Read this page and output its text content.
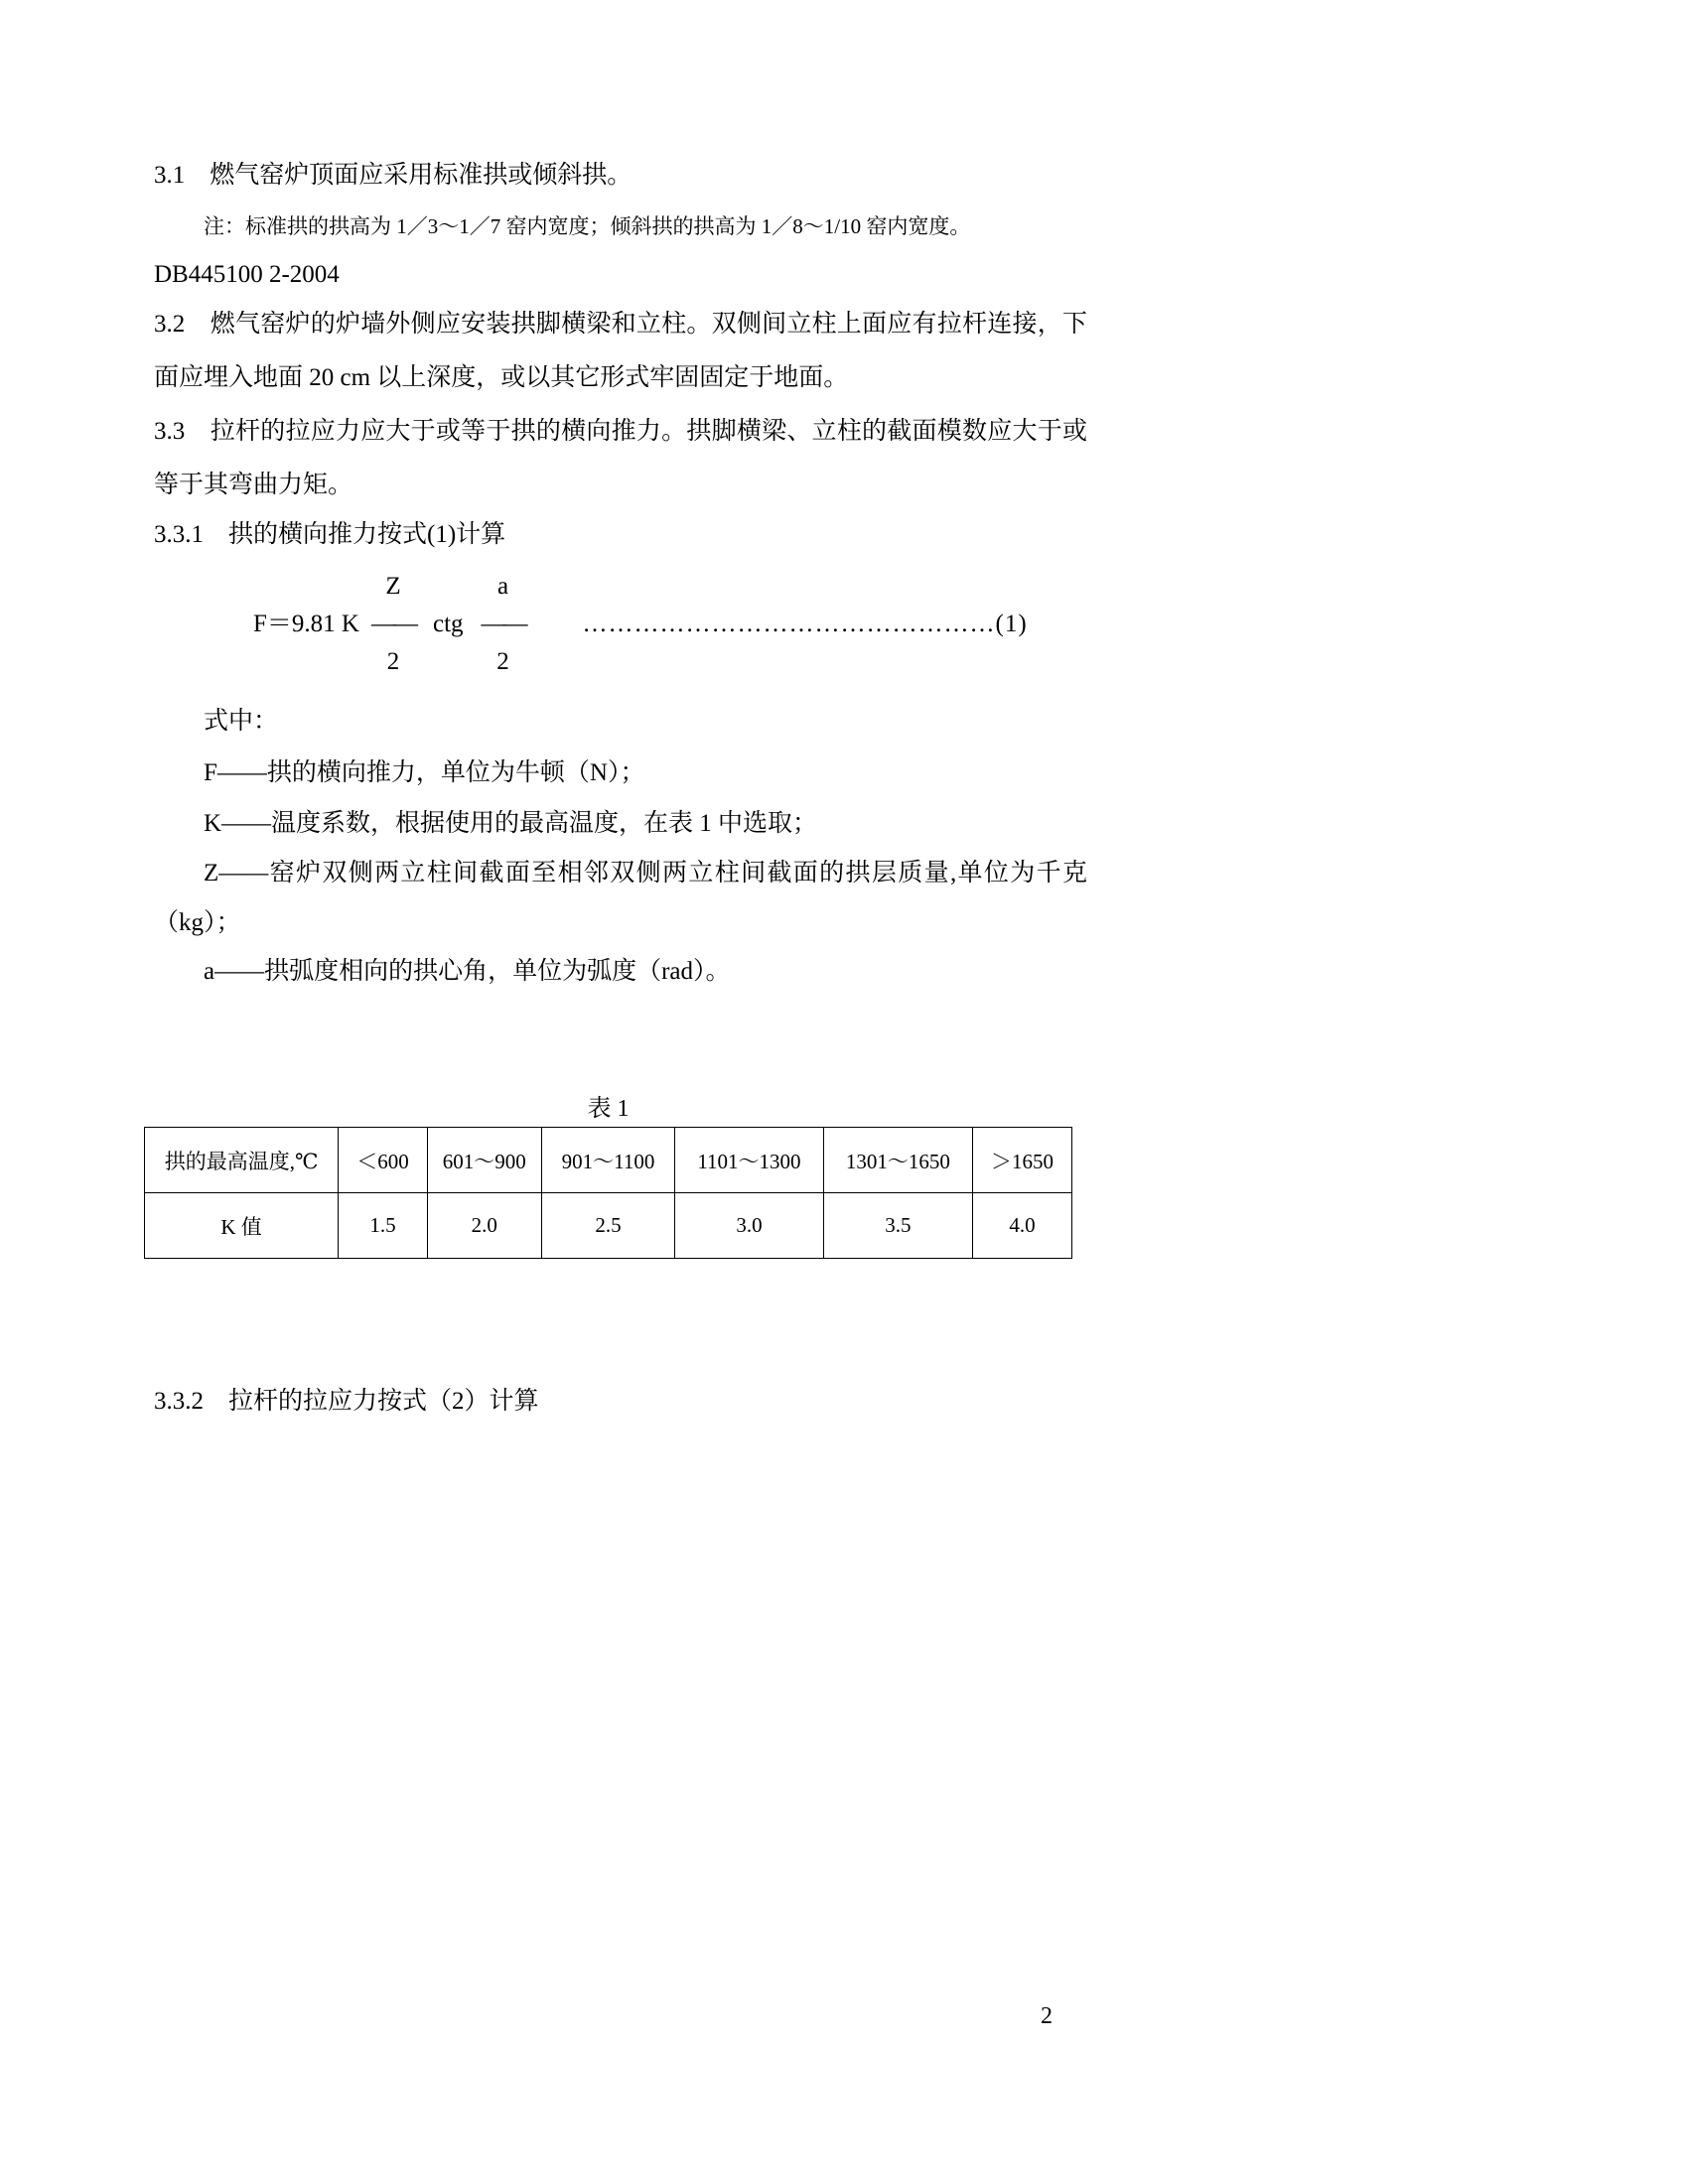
3.1　燃气窑炉顶面应采用标准拱或倾斜拱。

注：标准拱的拱高为 1／3～1／7 窑内宽度；倾斜拱的拱高为 1／8～1/10 窑内宽度。

DB445100 2-2004

3.2　燃气窑炉的炉墙外侧应安装拱脚横梁和立柱。双侧间立柱上面应有拉杆连接，下面应埋入地面 20 cm 以上深度，或以其它形式牢固固定于地面。

3.3　拉杆的拉应力应大于或等于拱的横向推力。拱脚横梁、立柱的截面模数应大于或 等于其弯曲力矩。

3.3.1　拱的横向推力按式(1)计算

F＝9.81 K
Z
——
2
ctg
a
——
2
…………………………………………(1)

式中：

F——拱的横向推力，单位为牛顿（N）；

K——温度系数，根据使用的最高温度，在表 1 中选取；

Z——窑炉双侧两立柱间截面至相邻双侧两立柱间截面的拱层质量,单位为千克（kg）；

a——拱弧度相向的拱心角，单位为弧度（rad）。

表 1
拱的最高温度,℃	＜600	601～900	901～1100	1101～1300	1301～1650	＞1650
K 值	1.5	2.0	2.5	3.0	3.5	4.0

3.3.2　拉杆的拉应力按式（2）计算

2
